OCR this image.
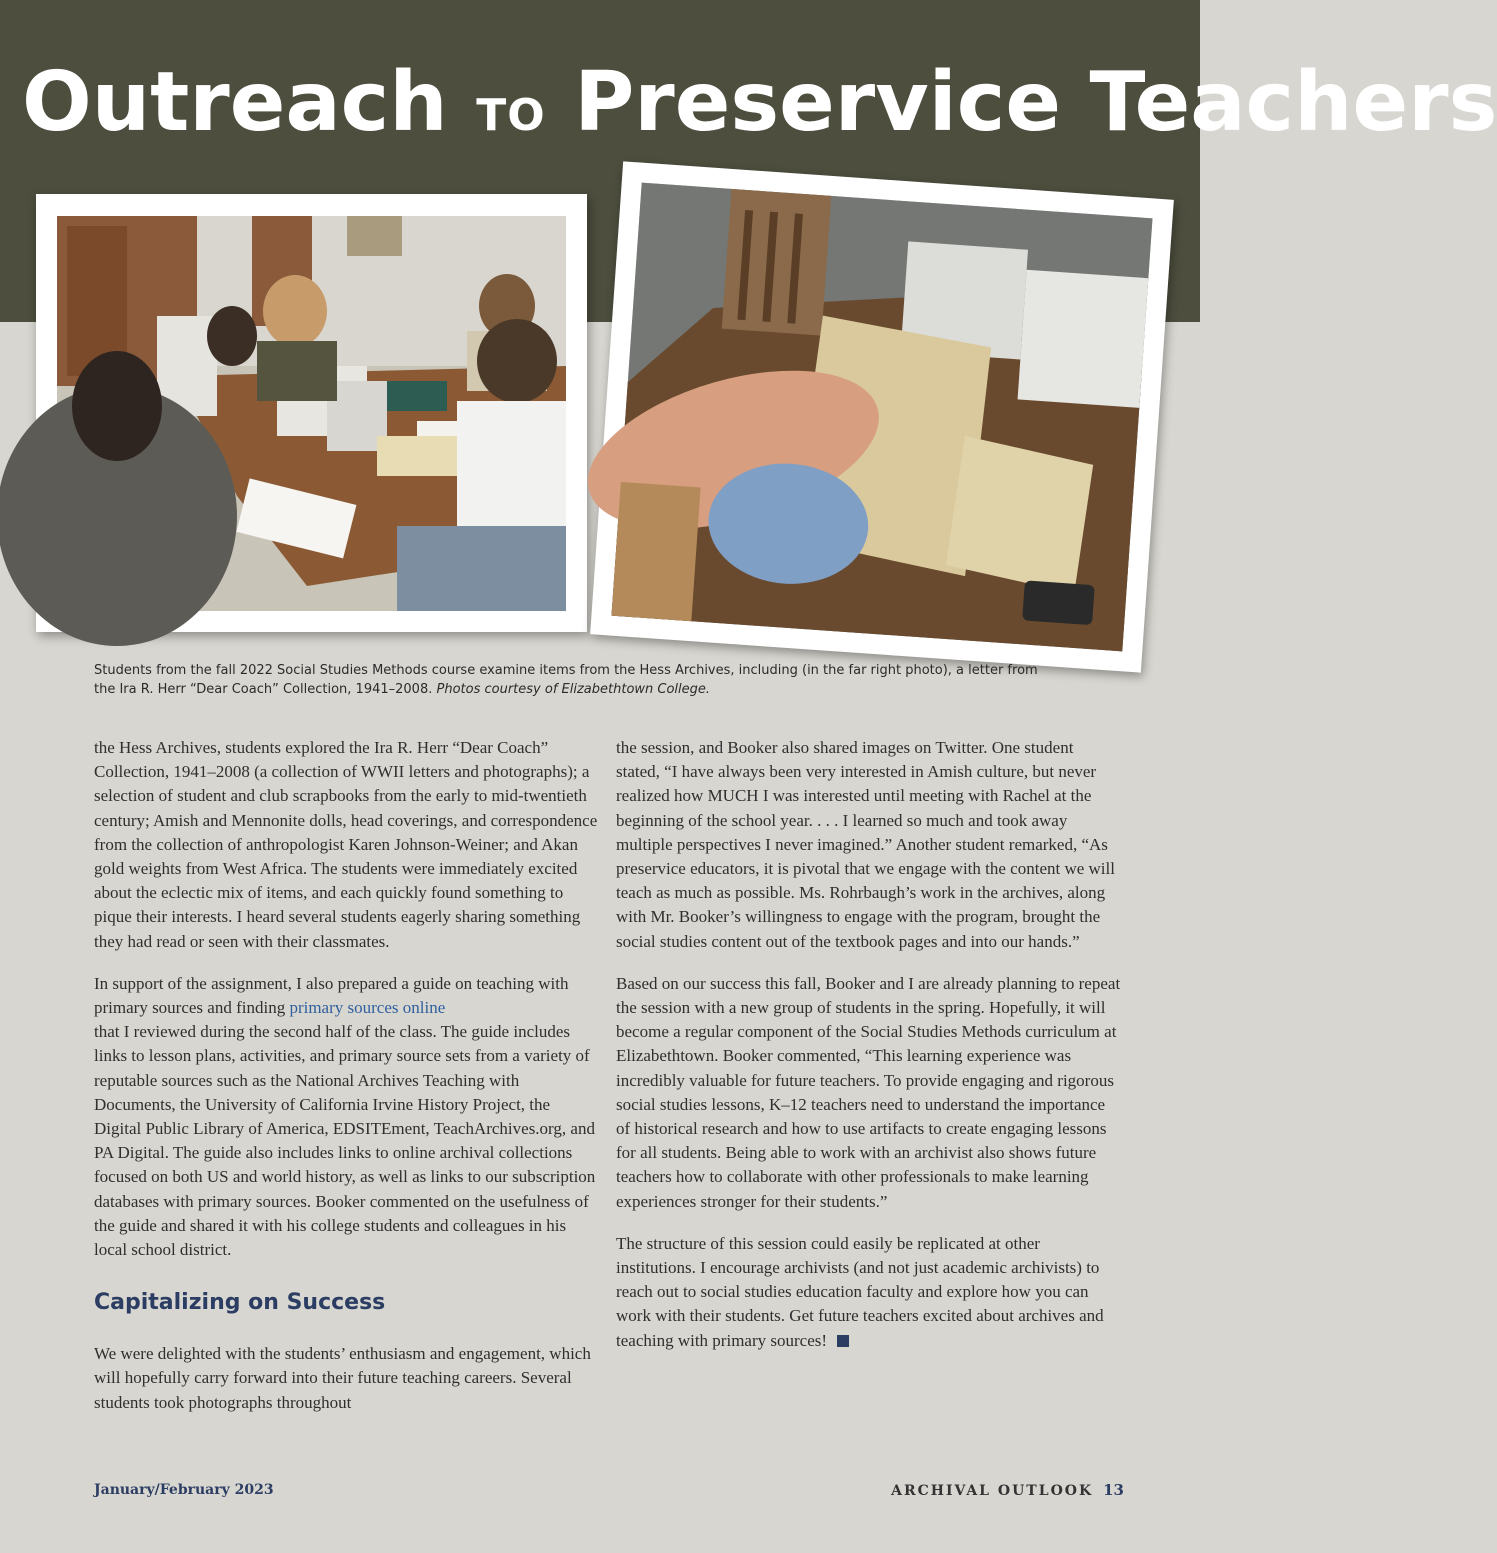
Outreach TO Preservice Teachers
Students from the fall 2022 Social Studies Methods course examine items from the Hess Archives, including (in the far right photo), a letter from the Ira R. Herr “Dear Coach” Collection, 1941–2008. Photos courtesy of Elizabethtown College.

the Hess Archives, students explored the Ira R. Herr “Dear Coach” Collection, 1941–2008 (a collection of WWII letters and photographs); a selection of student and club scrapbooks from the early to mid-twentieth century; Amish and Mennonite dolls, head coverings, and correspondence from the collection of anthropologist Karen Johnson-Weiner; and Akan gold weights from West Africa. The students were immediately excited about the eclectic mix of items, and each quickly found something to pique their interests. I heard several students eagerly sharing something they had read or seen with their classmates.

In support of the assignment, I also prepared a guide on teaching with primary sources and finding primary sources online
that I reviewed during the second half of the class. The guide includes links to lesson plans, activities, and primary source sets from a variety of reputable sources such as the National Archives Teaching with Documents, the University of California Irvine History Project, the Digital Public Library of America, EDSITEment, TeachArchives.org, and PA Digital. The guide also includes links to online archival collections focused on both US and world history, as well as links to our subscription databases with primary sources. Booker commented on the usefulness of the guide and shared it with his college students and colleagues in his local school district.

Capitalizing on Success

We were delighted with the students’ enthusiasm and engagement, which will hopefully carry forward into their future teaching careers. Several students took photographs throughout

the session, and Booker also shared images on Twitter. One student stated, “I have always been very interested in Amish culture, but never realized how MUCH I was interested until meeting with Rachel at the beginning of the school year. . . . I learned so much and took away multiple perspectives I never imagined.” Another student remarked, “As preservice educators, it is pivotal that we engage with the content we will teach as much as possible. Ms. Rohrbaugh’s work in the archives, along with Mr. Booker’s willingness to engage with the program, brought the social studies content out of the textbook pages and into our hands.”

Based on our success this fall, Booker and I are already planning to repeat the session with a new group of students in the spring. Hopefully, it will become a regular component of the Social Studies Methods curriculum at Elizabethtown. Booker commented, “This learning experience was incredibly valuable for future teachers. To provide engaging and rigorous social studies lessons, K–12 teachers need to understand the importance of historical research and how to use artifacts to create engaging lessons for all students. Being able to work with an archivist also shows future teachers how to collaborate with other professionals to make learning experiences stronger for their students.”

The structure of this session could easily be replicated at other institutions. I encourage archivists (and not just academic archivists) to reach out to social studies education faculty and explore how you can work with their students. Get future teachers excited about archives and teaching with primary sources!

January/February 2023	ARCHIVAL OUTLOOK 13
